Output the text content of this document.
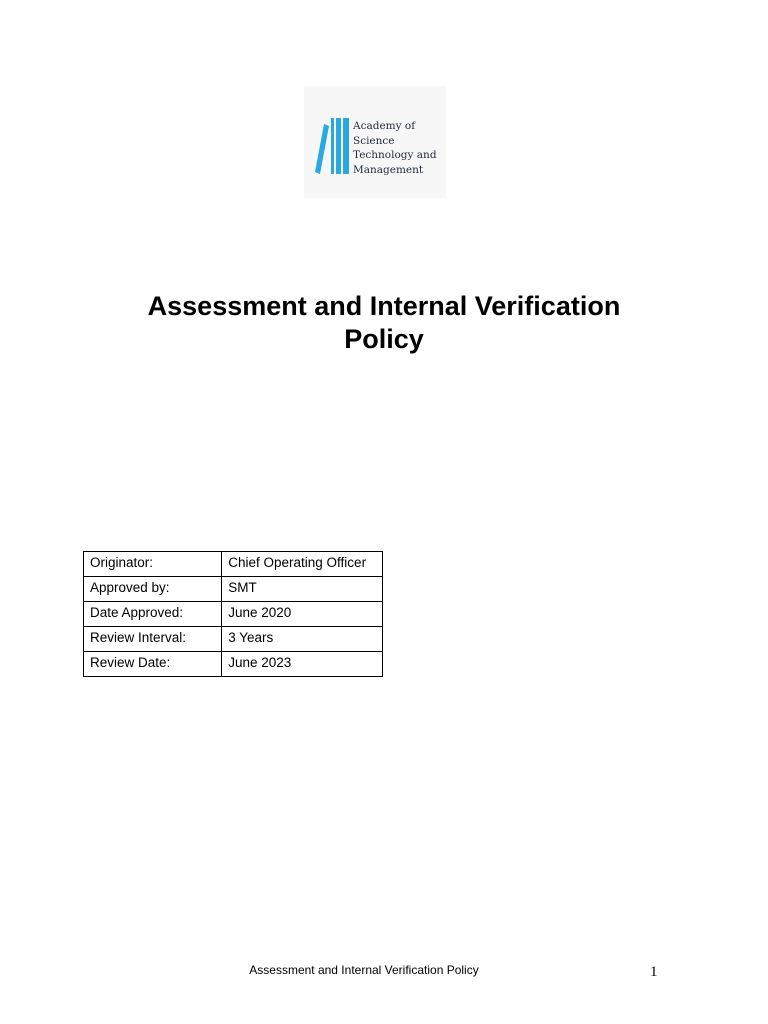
Academy of
Science
Technology and
Management
Assessment and Internal Verification
Policy
Originator:	Chief Operating Officer
Approved by:	SMT
Date Approved:	June 2020
Review Interval:	3 Years
Review Date:	June 2023
Assessment and Internal Verification Policy	1
